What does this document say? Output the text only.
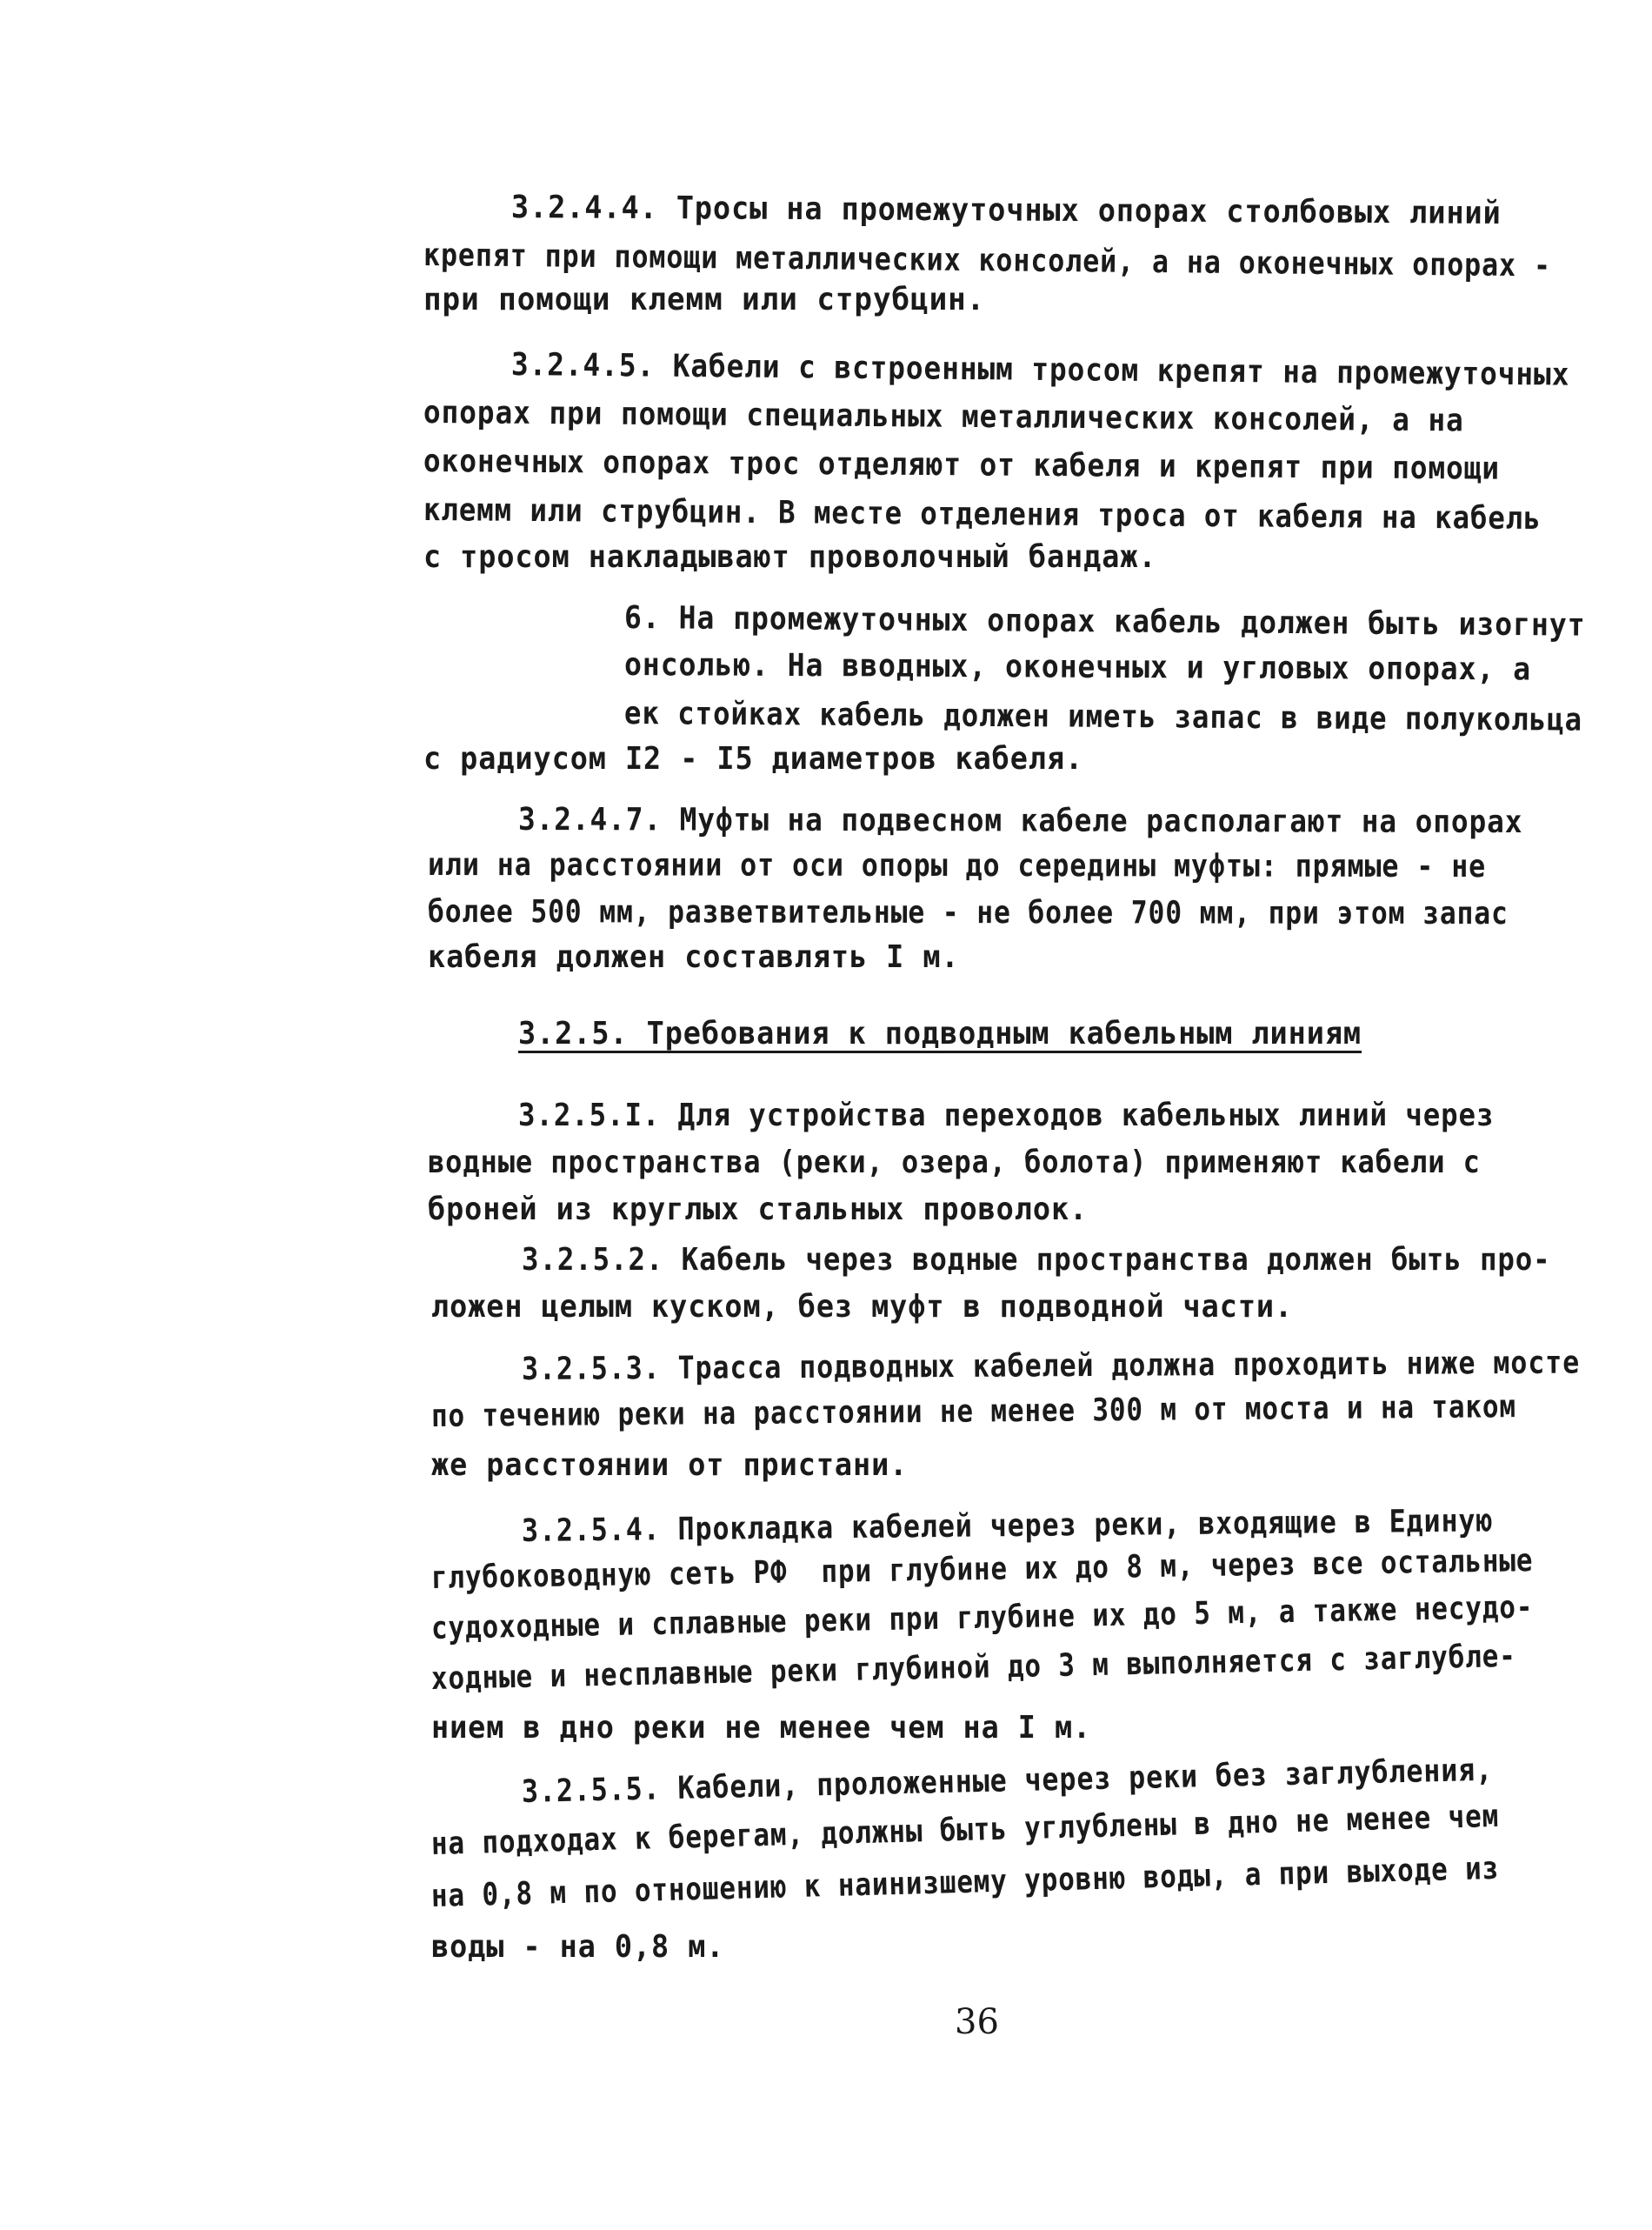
3.2.4.4. Тросы на промежуточных опорах столбовых линий
крепят при помощи металлических консолей, а на оконечных опорах -
при помощи клемм или струбцин.
3.2.4.5. Кабели с встроенным тросом крепят на промежуточных
опорах при помощи специальных металлических консолей, а на
оконечных опорах трос отделяют от кабеля и крепят при помощи
клемм или струбцин. В месте отделения троса от кабеля на кабель
с тросом накладывают проволочный бандаж.
6. На промежуточных опорах кабель должен быть изогнут
онсолью. На вводных, оконечных и угловых опорах, а
ек стойках кабель должен иметь запас в виде полукольца
с радиусом I2 - I5 диаметров кабеля.
3.2.4.7. Муфты на подвесном кабеле располагают на опорах
или на расстоянии от оси опоры до середины муфты: прямые - не
более 500 мм, разветвительные - не более 700 мм, при этом запас
кабеля должен составлять I м.
3.2.5. Требования к подводным кабельным линиям
3.2.5.I. Для устройства переходов кабельных линий через
водные пространства (реки, озера, болота) применяют кабели с
броней из круглых стальных проволок.
3.2.5.2. Кабель через водные пространства должен быть про-
ложен целым куском, без муфт в подводной части.
3.2.5.3. Трасса подводных кабелей должна проходить ниже мосте
по течению реки на расстоянии не менее 300 м от моста и на таком
же расстоянии от пристани.
3.2.5.4. Прокладка кабелей через реки, входящие в Единую
глубоководную сеть РФ  при глубине их до 8 м, через все остальные
судоходные и сплавные реки при глубине их до 5 м, а также несудо-
ходные и несплавные реки глубиной до 3 м выполняется с заглубле-
нием в дно реки не менее чем на I м.
3.2.5.5. Кабели, проложенные через реки без заглубления,
на подходах к берегам, должны быть углублены в дно не менее чем
на 0,8 м по отношению к наинизшему уровню воды, а при выходе из
воды - на 0,8 м.
36
